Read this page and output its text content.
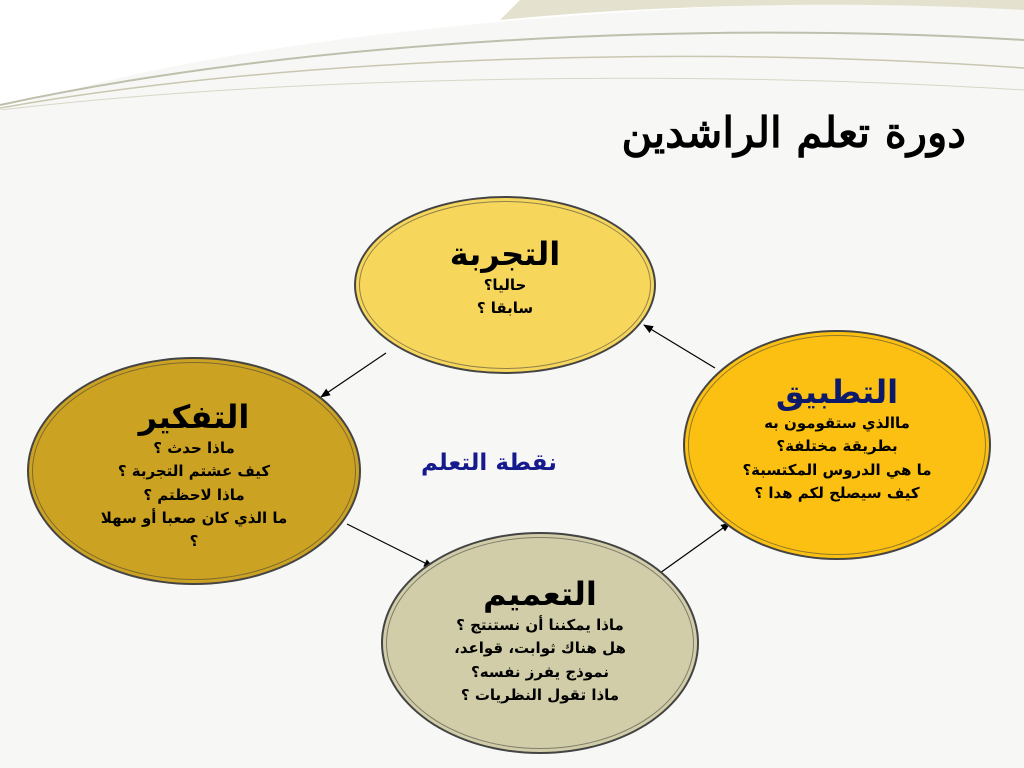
دورة تعلم الراشدين
التجربة
حاليا؟
سابقا ؟
التفكير
ماذا حدث ؟
كيف عشتم التجربة ؟
ماذا لاحظتم ؟
ما الذي كان صعبا أو سهلا
؟
التطبيق
ماالذي ستقومون به
بطريقة مختلفة؟
ما هي الدروس المكتسبة؟
كيف سيصلح لكم هدا ؟
التعميم
ماذا يمكننا أن نستنتج ؟
هل هناك ثوابت، قواعد،
نموذج يفرز نفسه؟
ماذا تقول النظريات ؟
نقطة التعلم
